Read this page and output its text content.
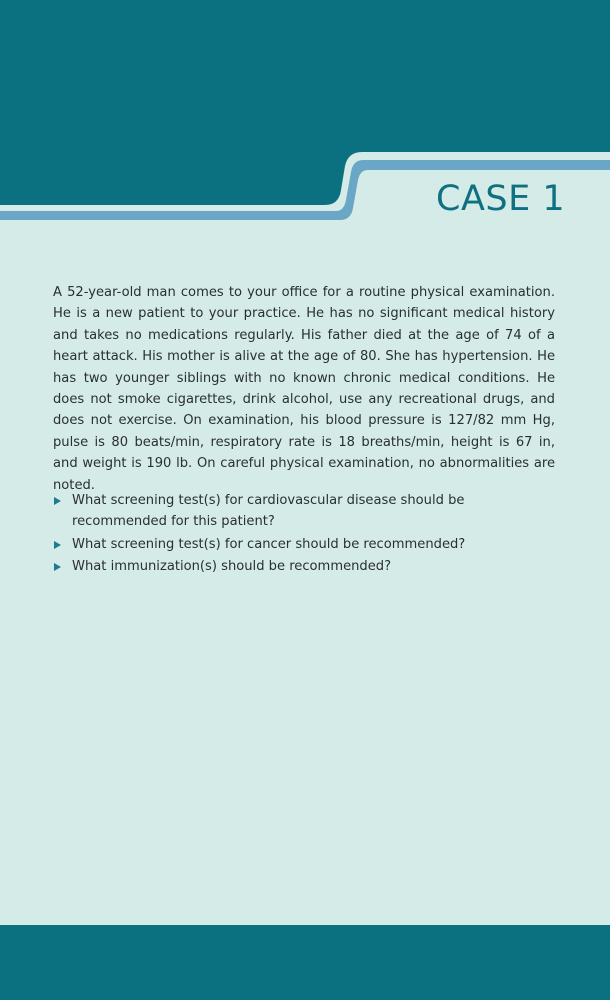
CASE 1

A 52-year-old man comes to your office for a routine physical examination. He is a new patient to your practice. He has no significant medical history and takes no medications regularly. His father died at the age of 74 of a heart attack. His mother is alive at the age of 80. She has hypertension. He has two younger siblings with no known chronic medical conditions. He does not smoke cigarettes, drink alcohol, use any recreational drugs, and does not exercise. On examination, his blood pressure is 127/82 mm Hg, pulse is 80 beats/min, respiratory rate is 18 breaths/min, height is 67 in, and weight is 190 lb. On careful physical examination, no abnormalities are noted.

What screening test(s) for cardiovascular disease should be recommended for this patient?
What screening test(s) for cancer should be recommended?
What immunization(s) should be recommended?
